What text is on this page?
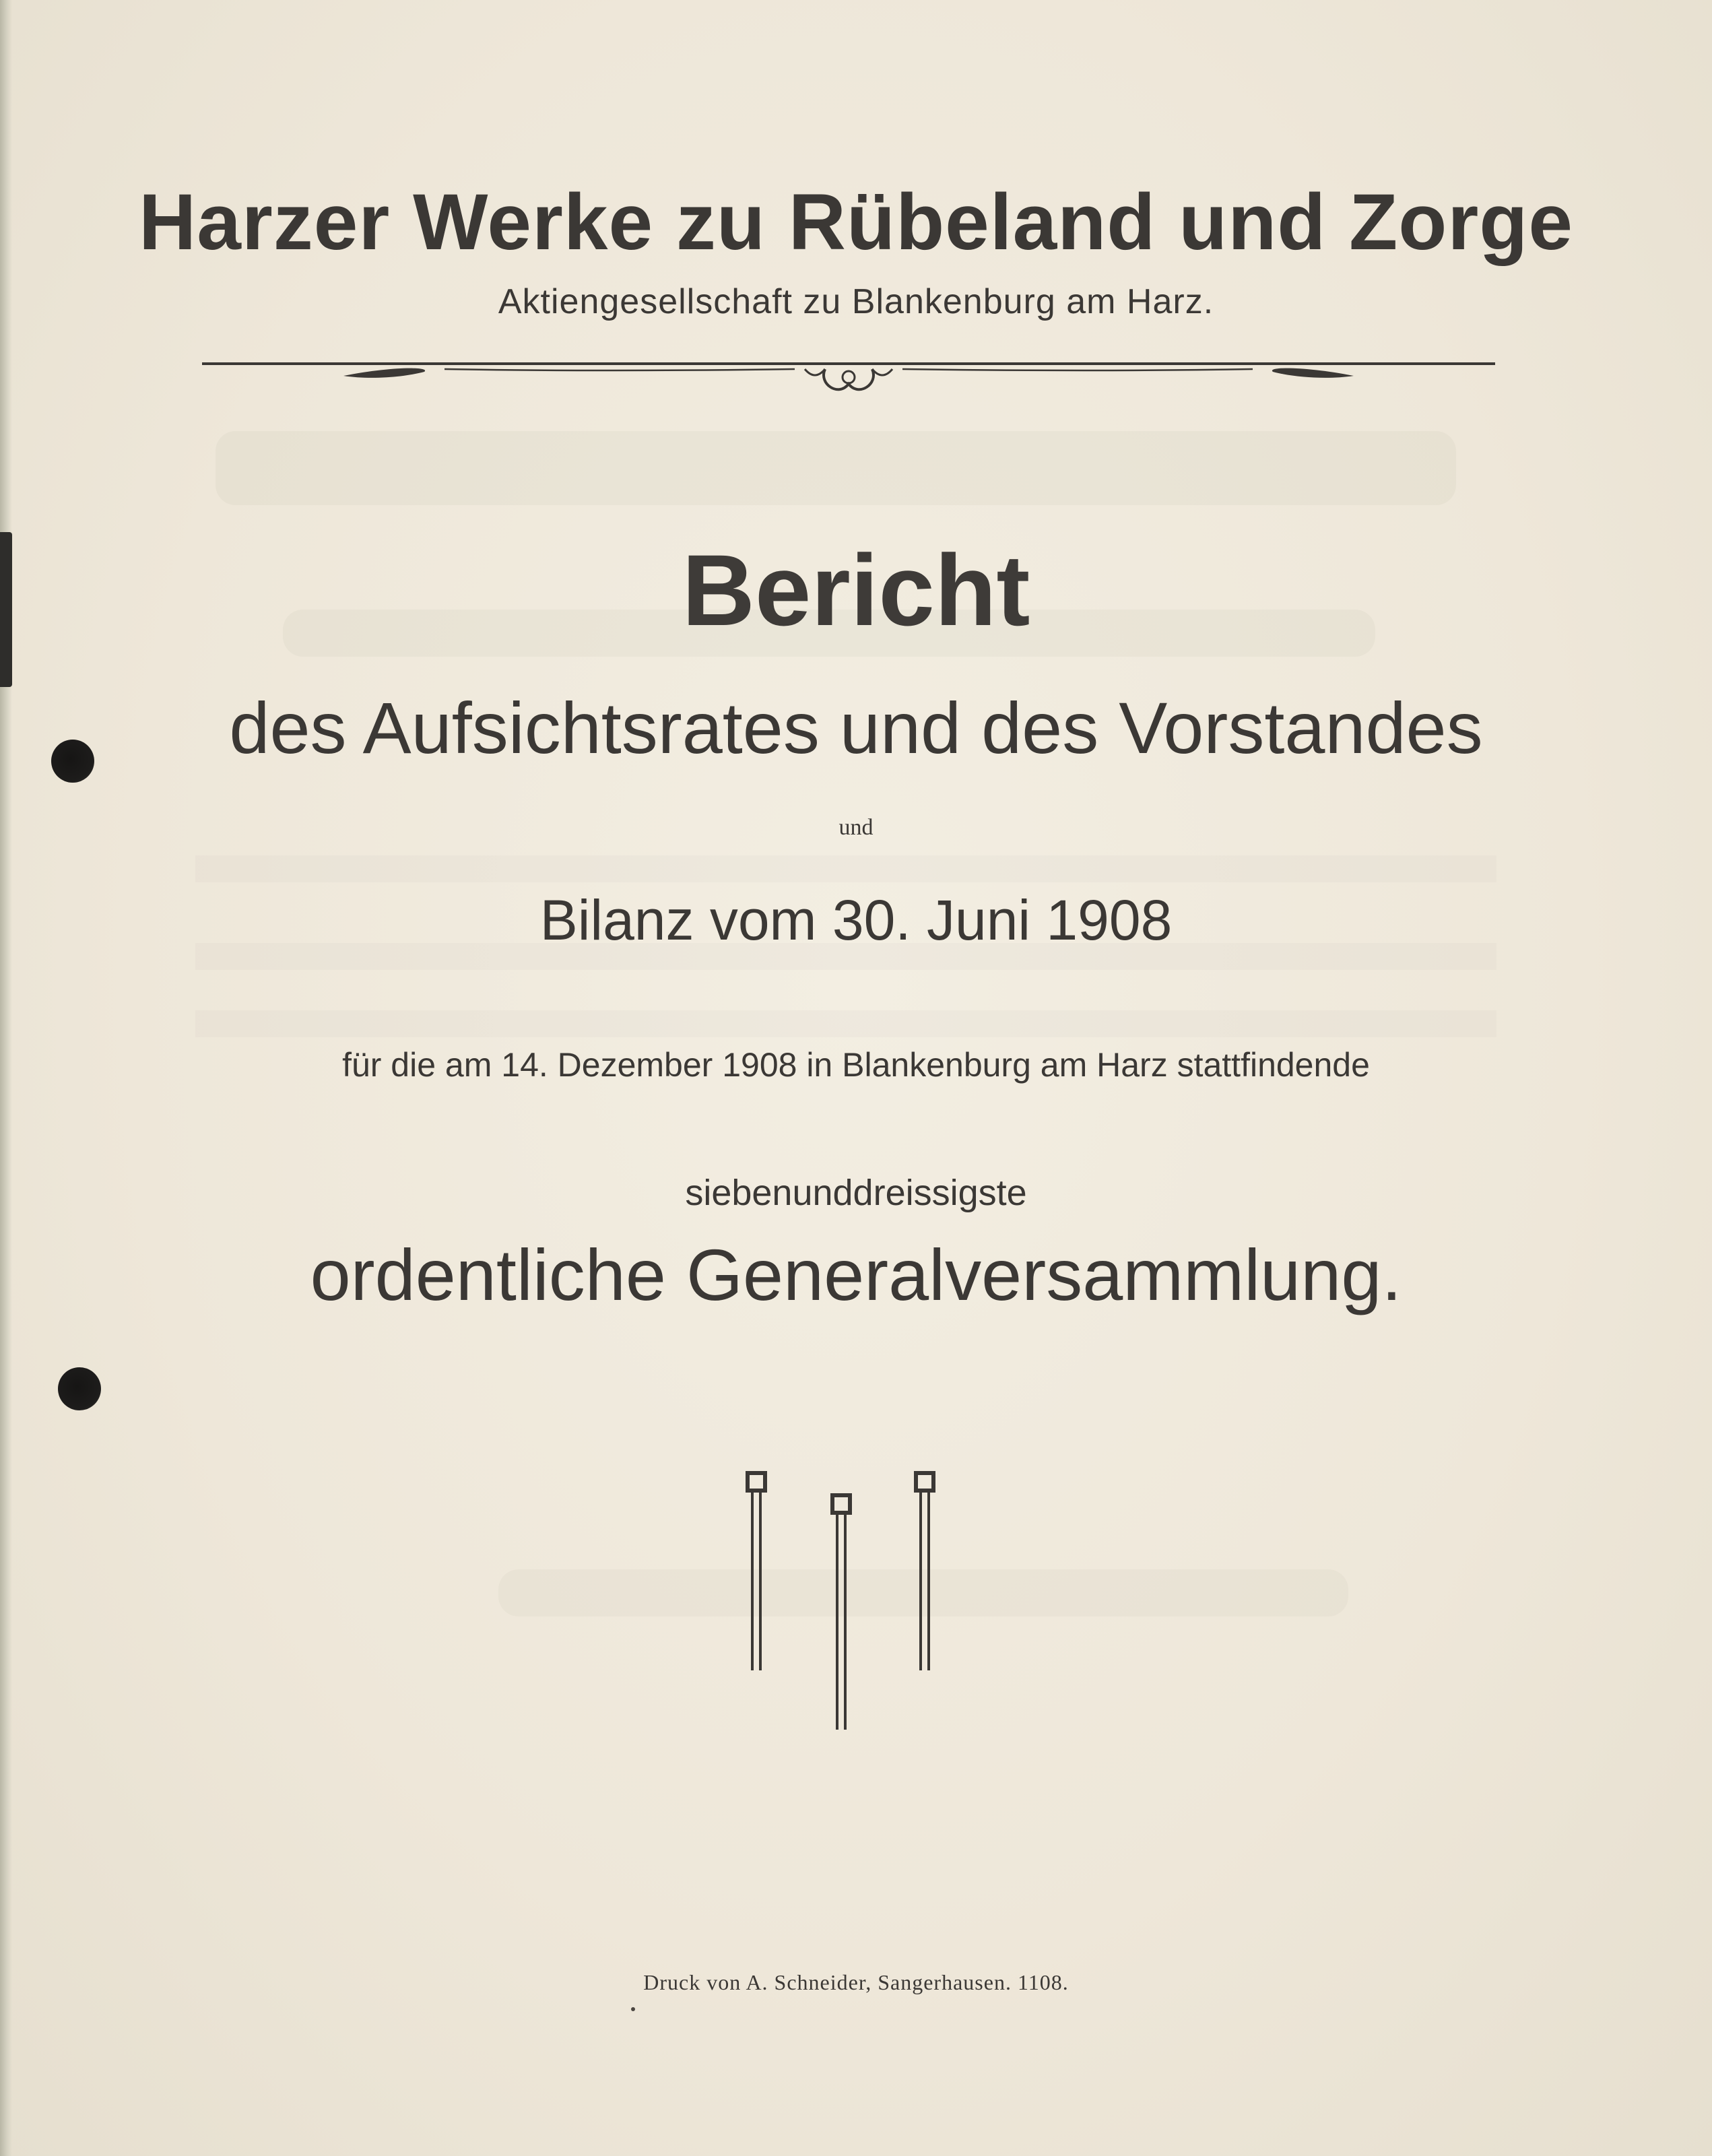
Harzer Werke zu Rübeland und Zorge

Aktiengesellschaft zu Blankenburg am Harz.

Bericht

des Aufsichtsrates und des Vorstandes

und

Bilanz vom 30. Juni 1908

für die am 14. Dezember 1908 in Blankenburg am Harz stattfindende

siebenunddreissigste

ordentliche Generalversammlung.

Druck von A. Schneider, Sangerhausen. 1108.
